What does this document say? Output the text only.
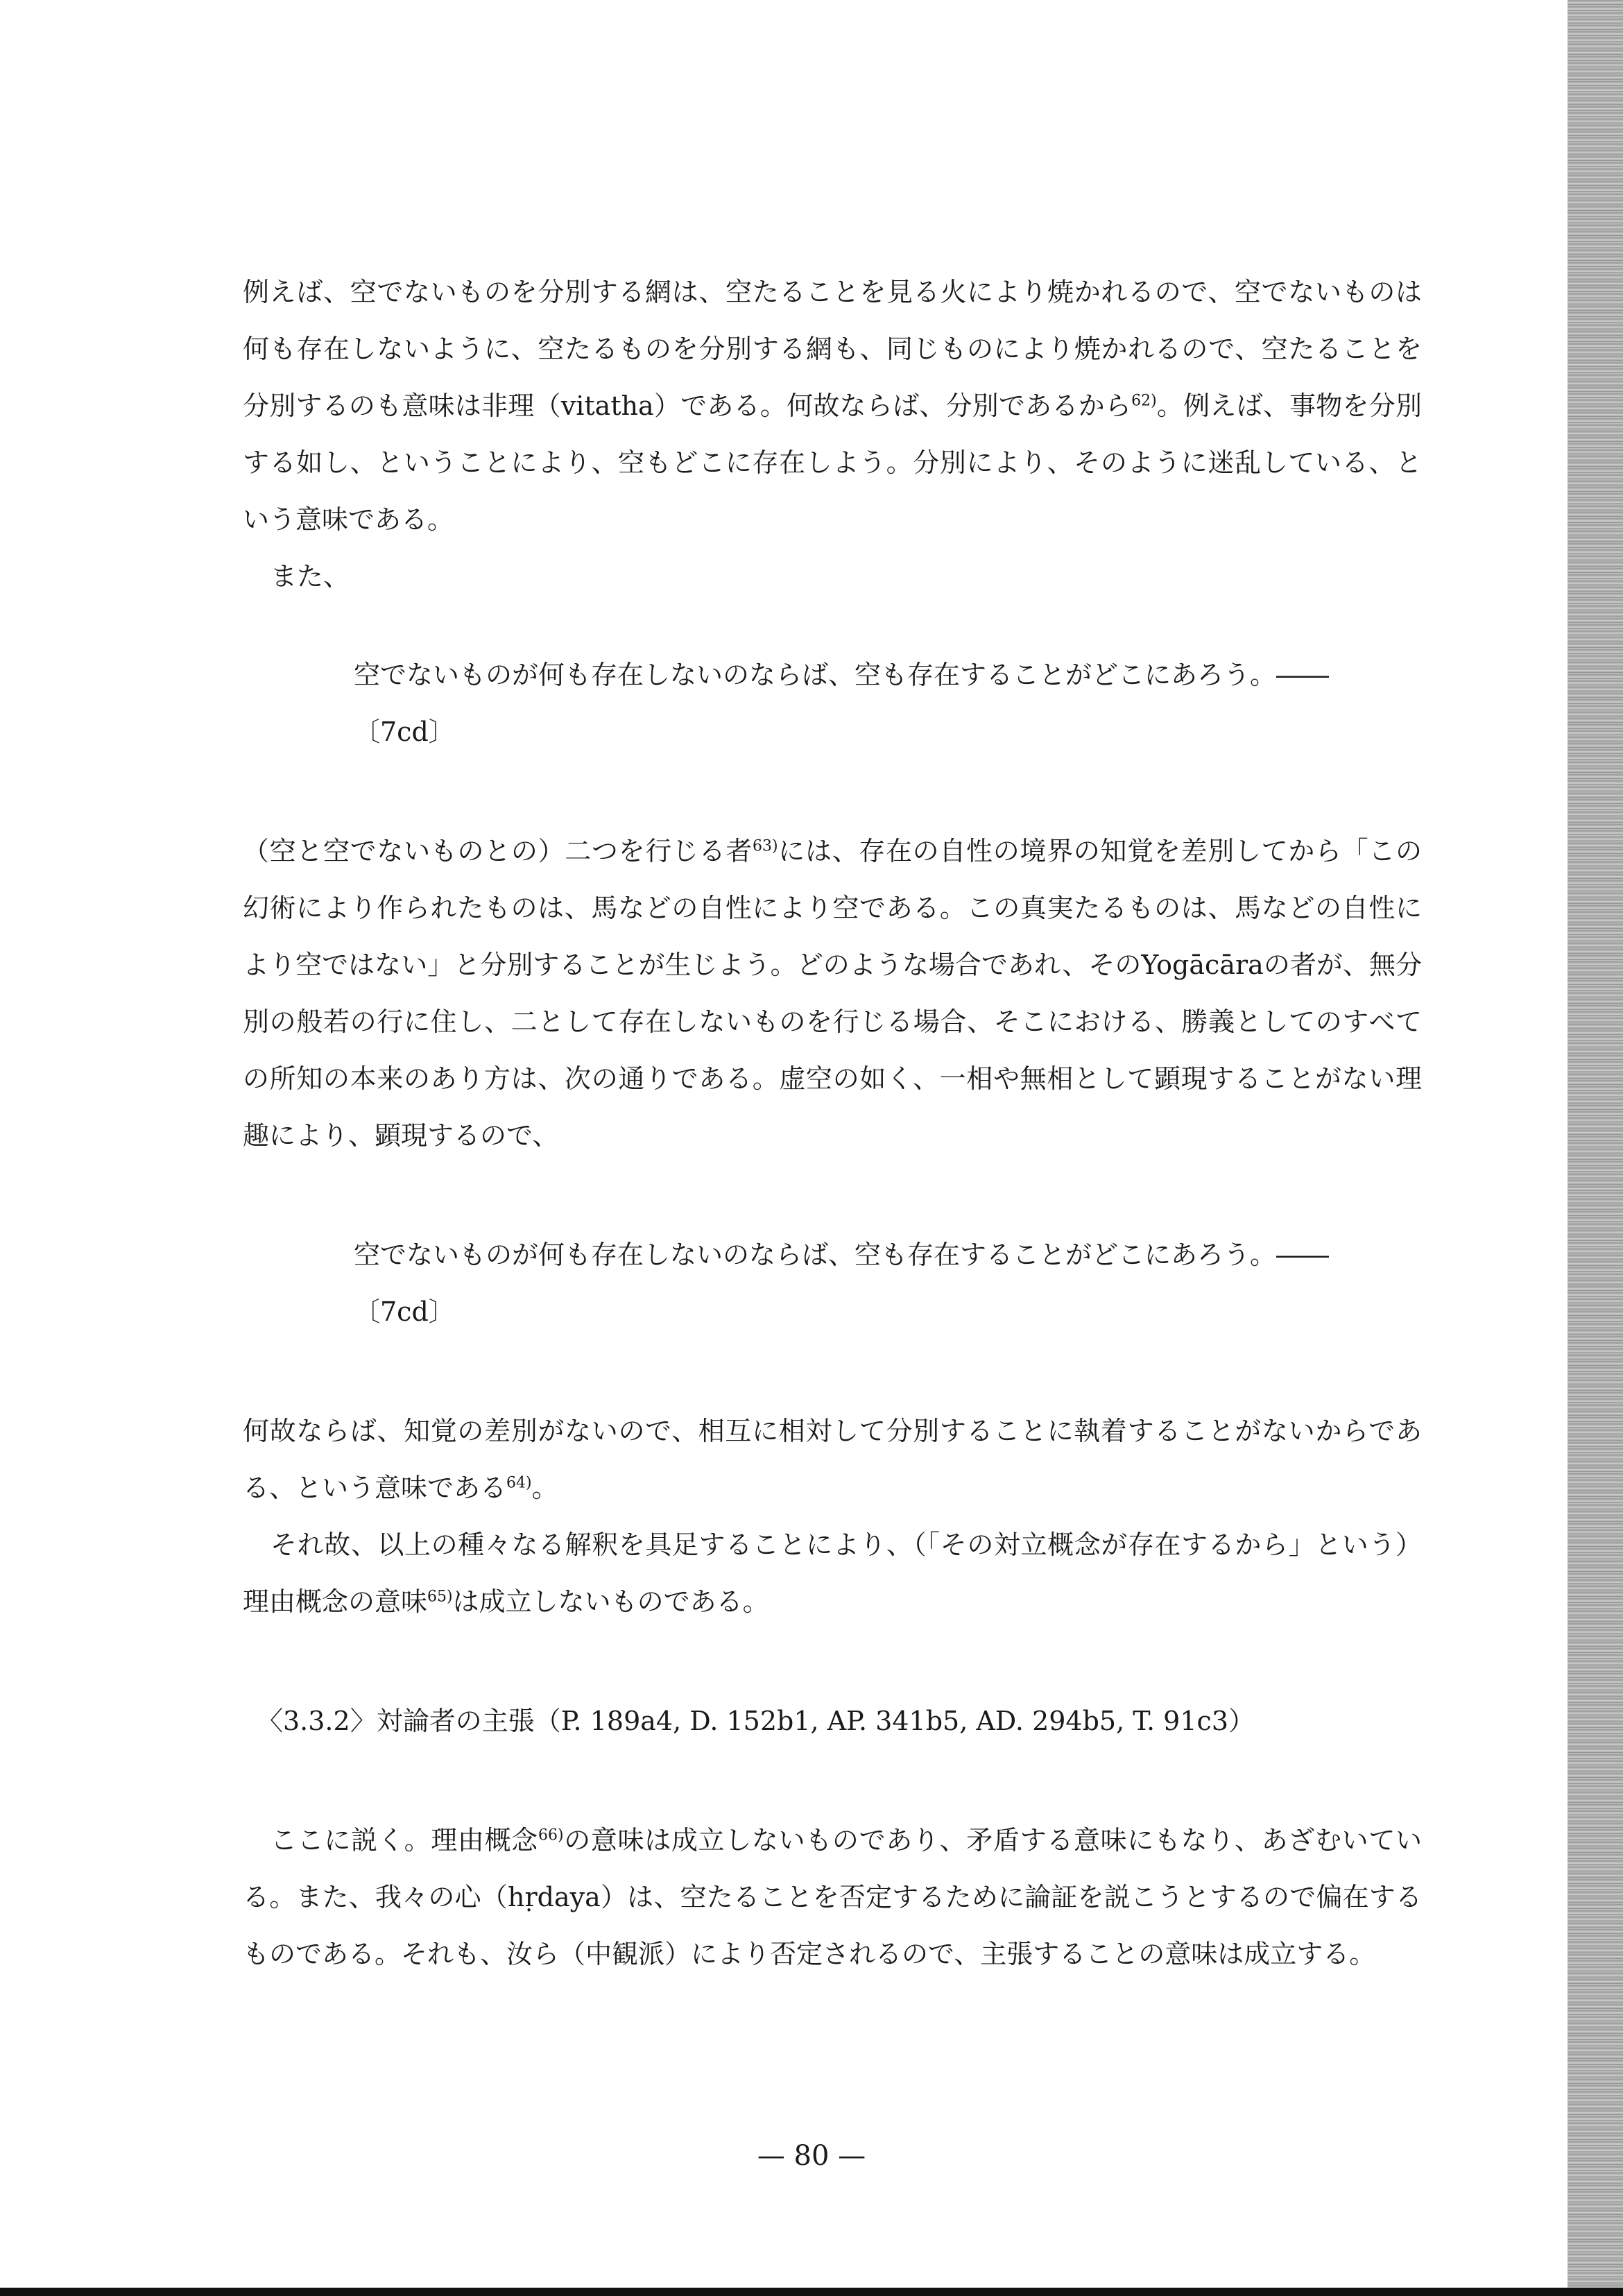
例えば、空でないものを分別する網は、空たることを見る火により焼かれるので、空でないものは何も存在しないように、空たるものを分別する網も、同じものにより焼かれるので、空たることを分別するのも意味は非理（vitatha）である。何故ならば、分別であるから$^{62)}$。例えば、事物を分別する如し、ということにより、空もどこに存在しよう。分別により、そのように迷乱している、という意味である。

また、

空でないものが何も存在しないのならば、空も存在することがどこにあろう。――
〔7cd〕

（空と空でないものとの）二つを行じる者$^{63)}$には、存在の自性の境界の知覚を差別してから「この幻術により作られたものは、馬などの自性により空である。この真実たるものは、馬などの自性により空ではない」と分別することが生じよう。どのような場合であれ、そのYogācāraの者が、無分別の般若の行に住し、二として存在しないものを行じる場合、そこにおける、勝義としてのすべての所知の本来のあり方は、次の通りである。虚空の如く、一相や無相として顕現することがない理趣により、顕現するので、

空でないものが何も存在しないのならば、空も存在することがどこにあろう。――
〔7cd〕

何故ならば、知覚の差別がないので、相互に相対して分別することに執着することがないからである、という意味である$^{64)}$。

それ故、以上の種々なる解釈を具足することにより、（「その対立概念が存在するから」という）理由概念の意味$^{65)}$は成立しないものである。

〈3.3.2〉対論者の主張（P. 189a4, D. 152b1, AP. 341b5, AD. 294b5, T. 91c3）

ここに説く。理由概念$^{66)}$の意味は成立しないものであり、矛盾する意味にもなり、あざむいている。また、我々の心（hṛdaya）は、空たることを否定するために論証を説こうとするので偏在するものである。それも、汝ら（中観派）により否定されるので、主張することの意味は成立する。

— 80 —
